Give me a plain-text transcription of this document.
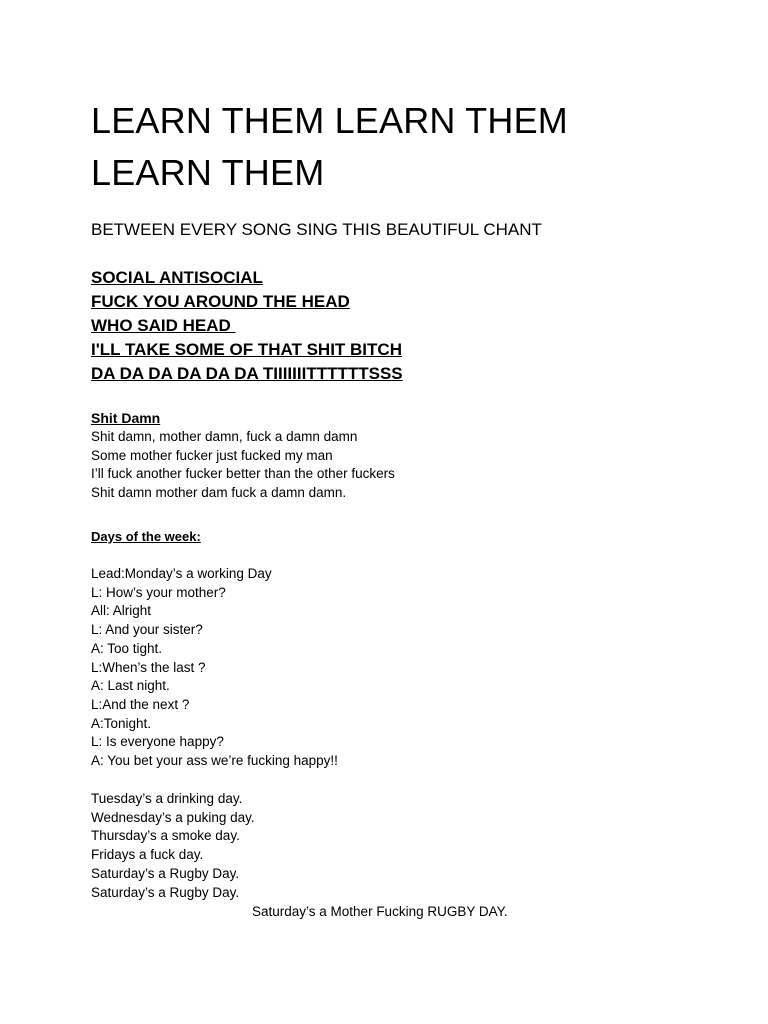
LEARN THEM LEARN THEM
LEARN THEM

BETWEEN EVERY SONG SING THIS BEAUTIFUL CHANT

SOCIAL ANTISOCIAL
FUCK YOU AROUND THE HEAD
WHO SAID HEAD
I'LL TAKE SOME OF THAT SHIT BITCH
DA DA DA DA DA DA TIIIIIIITTTTTTSSS

Shit Damn

Shit damn, mother damn, fuck a damn damn
Some mother fucker just fucked my man
I’ll fuck another fucker better than the other fuckers
Shit damn mother dam fuck a damn damn.

Days of the week:

Lead:Monday’s a working Day
L: How’s your mother?
All: Alright
L: And your sister?
A: Too tight.
L:When’s the last ?
A: Last night.
L:And the next ?
A:Tonight.
L: Is everyone happy?
A: You bet your ass we’re fucking happy!!
Tuesday’s a drinking day.
Wednesday’s a puking day.
Thursday’s a smoke day.
Fridays a fuck day.
Saturday’s a Rugby Day.
Saturday’s a Rugby Day.

Saturday’s a Mother Fucking RUGBY DAY.
